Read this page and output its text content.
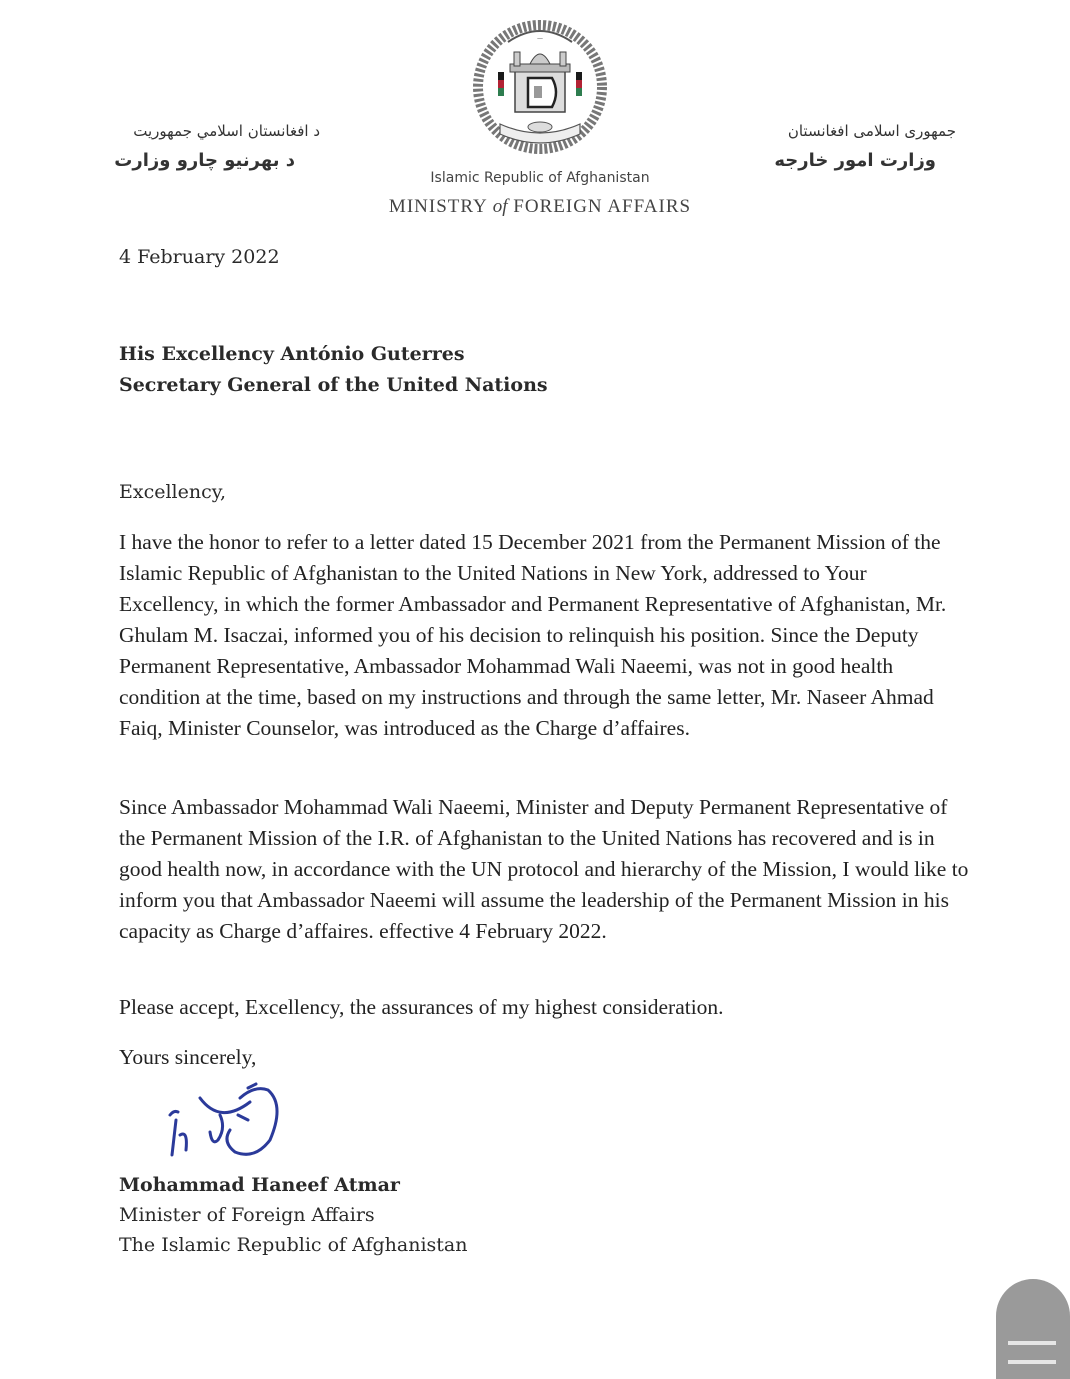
د افغانستان اسلامي جمهوریت
د بهرنیو چارو وزارت
—
Islamic Republic of Afghanistan
MINISTRY of FOREIGN AFFAIRS
جمهوری اسلامی افغانستان
وزارت امور خارجه
4 February 2022
His Excellency António Guterres
Secretary General of the United Nations
Excellency,
I have the honor to refer to a letter dated 15 December 2021 from the Permanent Mission of the Islamic Republic of Afghanistan to the United Nations in New York, addressed to Your Excellency, in which the former Ambassador and Permanent Representative of Afghanistan, Mr. Ghulam M. Isaczai, informed you of his decision to relinquish his position. Since the Deputy Permanent Representative, Ambassador Mohammad Wali Naeemi, was not in good health condition at the time, based on my instructions and through the same letter, Mr. Naseer Ahmad Faiq, Minister Counselor, was introduced as the Charge d’affaires.
Since Ambassador Mohammad Wali Naeemi, Minister and Deputy Permanent Representative of the Permanent Mission of the I.R. of Afghanistan to the United Nations has recovered and is in good health now, in accordance with the UN protocol and hierarchy of the Mission, I would like to inform you that Ambassador Naeemi will assume the leadership of the Permanent Mission in his capacity as Charge d’affaires. effective 4 February 2022.
Please accept, Excellency, the assurances of my highest consideration.
Yours sincerely,
Mohammad Haneef Atmar
Minister of Foreign Affairs
The Islamic Republic of Afghanistan
